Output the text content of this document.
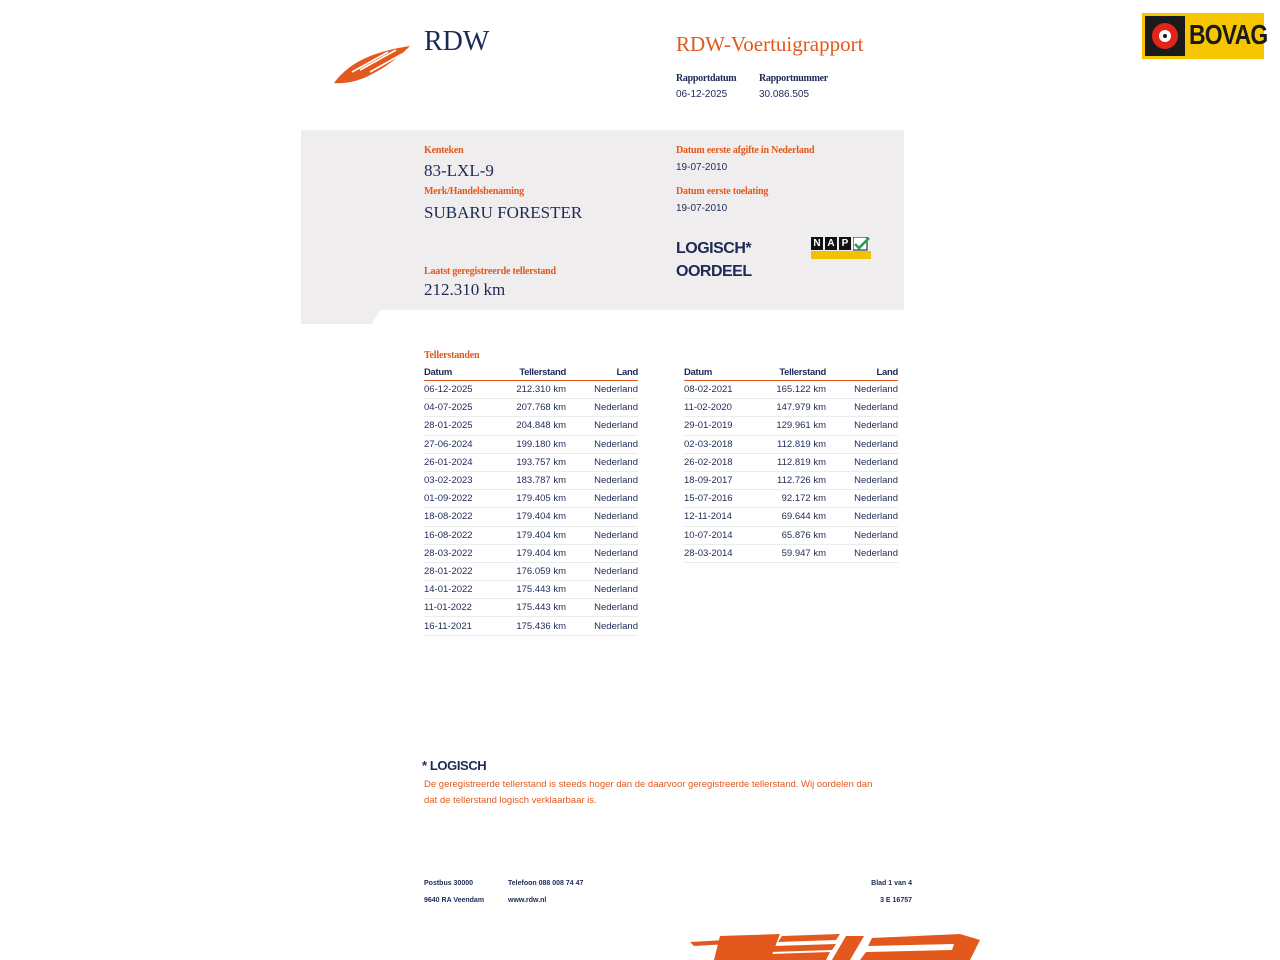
RDW	RDW-Voertuigrapport
Rapportdatum
06-12-2025
Rapportnummer
30.086.505
BOVAG
Kenteken
83-LXL-9
Merk/Handelsbenaming
SUBARU FORESTER
Laatst geregistreerde tellerstand
212.310 km
Datum eerste afgifte in Nederland
19-07-2010
Datum eerste toelating
19-07-2010
LOGISCH*
OORDEEL
N A P
Tellerstanden
Datum	Tellerstand	Land
06-12-2025	212.310 km	Nederland
04-07-2025	207.768 km	Nederland
28-01-2025	204.848 km	Nederland
27-06-2024	199.180 km	Nederland
26-01-2024	193.757 km	Nederland
03-02-2023	183.787 km	Nederland
01-09-2022	179.405 km	Nederland
18-08-2022	179.404 km	Nederland
16-08-2022	179.404 km	Nederland
28-03-2022	179.404 km	Nederland
28-01-2022	176.059 km	Nederland
14-01-2022	175.443 km	Nederland
11-01-2022	175.443 km	Nederland
16-11-2021	175.436 km	Nederland
Datum	Tellerstand	Land
08-02-2021	165.122 km	Nederland
11-02-2020	147.979 km	Nederland
29-01-2019	129.961 km	Nederland
02-03-2018	112.819 km	Nederland
26-02-2018	112.819 km	Nederland
18-09-2017	112.726 km	Nederland
15-07-2016	92.172 km	Nederland
12-11-2014	69.644 km	Nederland
10-07-2014	65.876 km	Nederland
28-03-2014	59.947 km	Nederland
* LOGISCH
De geregistreerde tellerstand is steeds hoger dan de daarvoor geregistreerde tellerstand. Wij oordelen dan
dat de tellerstand logisch verklaarbaar is.
Postbus 30000
9640 RA Veendam
Telefoon 088 008 74 47
www.rdw.nl
Blad 1 van 4
3 E 16757
